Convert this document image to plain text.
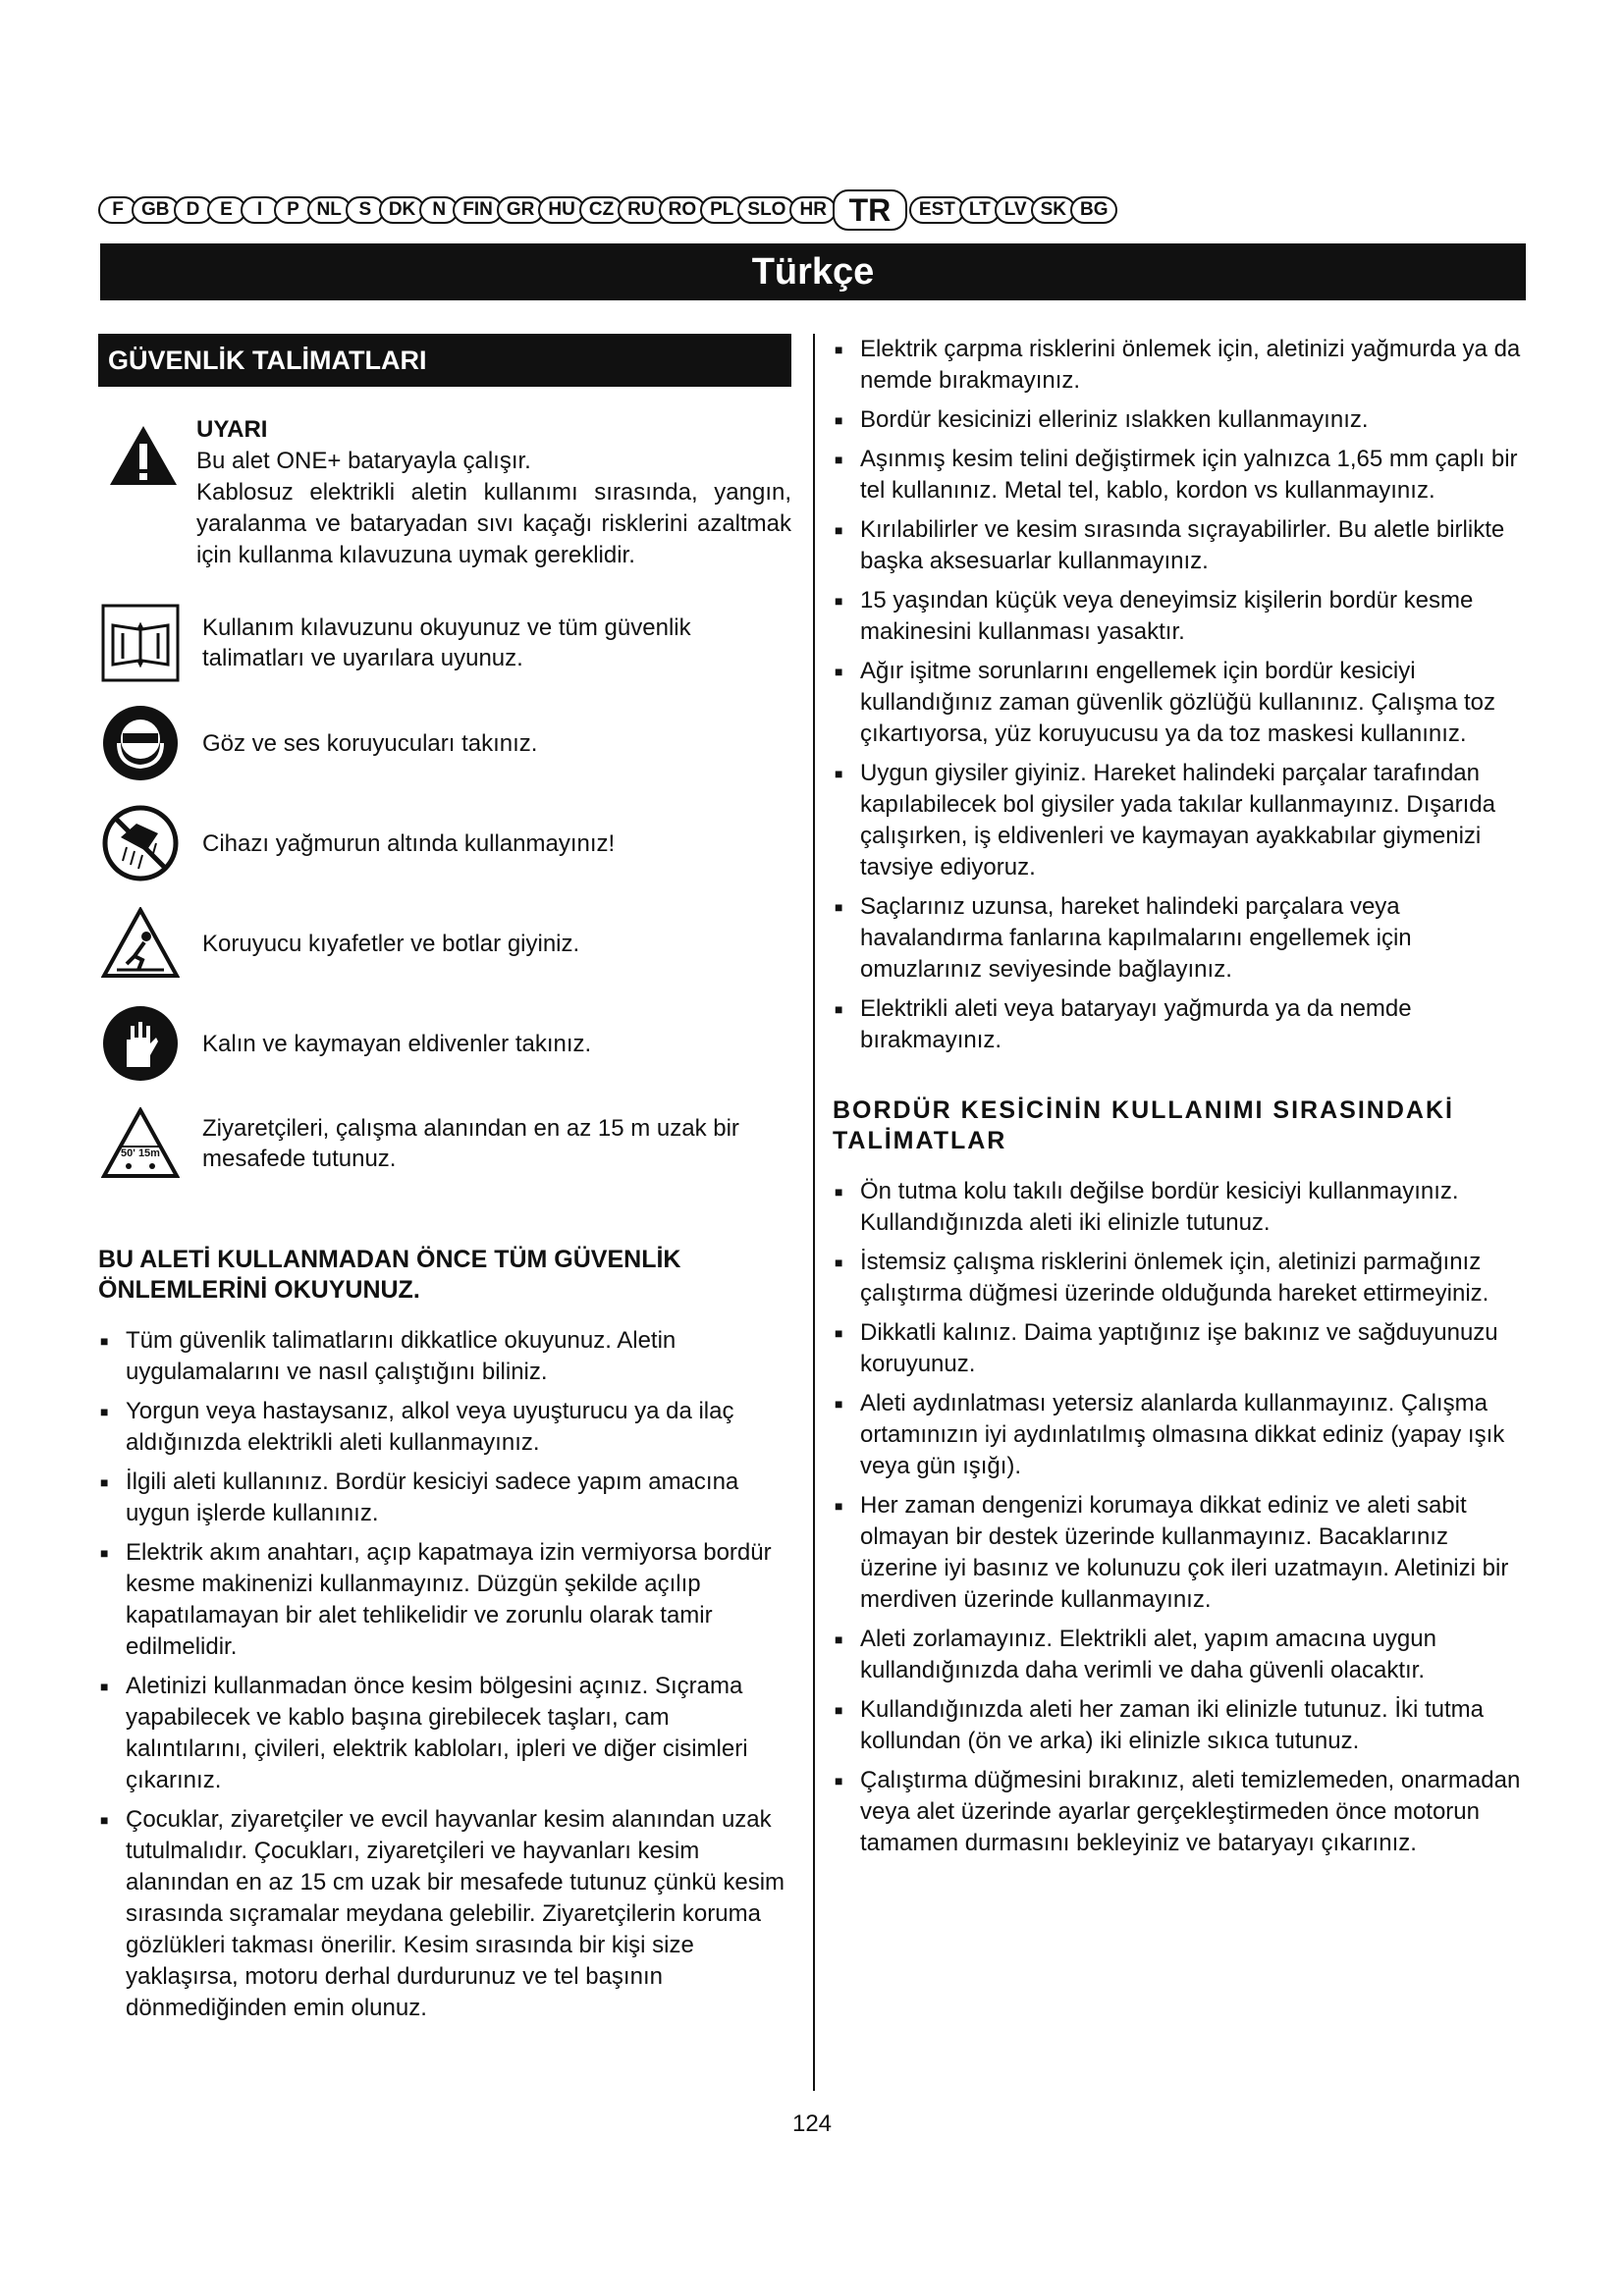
F GB D	E	I	P NL S DK N FIN GR HU CZ RU RO PL SLO HR TR	EST LT LV SK BG
Türkçe
GÜVENLİK TALİMATLARI
UYARI
Bu alet ONE+ bataryayla çalışır.
Kablosuz elektrikli aletin kullanımı sırasında, yangın, yaralanma ve bataryadan sıvı kaçağı risklerini azaltmak için kullanma kılavuzuna uymak gereklidir.
Kullanım kılavuzunu okuyunuz ve tüm güvenlik talimatları ve uyarılara uyunuz.
Göz ve ses koruyucuları takınız.
Cihazı yağmurun altında kullanmayınız!
Koruyucu kıyafetler ve botlar giyiniz.
Kalın ve kaymayan eldivenler takınız.
50' 15m
Ziyaretçileri, çalışma alanından en az 15 m uzak bir mesafede tutunuz.
BU ALETİ KULLANMADAN ÖNCE TÜM GÜVENLİK ÖNLEMLERİNİ OKUYUNUZ.
■ Tüm güvenlik talimatlarını dikkatlice okuyunuz. Aletin uygulamalarını ve nasıl çalıştığını biliniz.
■ Yorgun veya hastaysanız, alkol veya uyuşturucu ya da ilaç aldığınızda elektrikli aleti kullanmayınız.
■ İlgili aleti kullanınız. Bordür kesiciyi sadece yapım amacına uygun işlerde kullanınız.
■ Elektrik akım anahtarı, açıp kapatmaya izin vermiyorsa bordür kesme makinenizi kullanmayınız. Düzgün şekilde açılıp kapatılamayan bir alet tehlikelidir ve zorunlu olarak tamir edilmelidir.
■ Aletinizi kullanmadan önce kesim bölgesini açınız. Sıçrama yapabilecek ve kablo başına girebilecek taşları, cam kalıntılarını, çivileri, elektrik kabloları, ipleri ve diğer cisimleri çıkarınız.
■ Çocuklar, ziyaretçiler ve evcil hayvanlar kesim alanından uzak tutulmalıdır. Çocukları, ziyaretçileri ve hayvanları kesim alanından en az 15 cm uzak bir mesafede tutunuz çünkü kesim sırasında sıçramalar meydana gelebilir. Ziyaretçilerin koruma gözlükleri takması önerilir. Kesim sırasında bir kişi size yaklaşırsa, motoru derhal durdurunuz ve tel başının dönmediğinden emin olunuz.
■ Elektrik çarpma risklerini önlemek için, aletinizi yağmurda ya da nemde bırakmayınız.
■ Bordür kesicinizi elleriniz ıslakken kullanmayınız.
■ Aşınmış kesim telini değiştirmek için yalnızca 1,65 mm çaplı bir tel kullanınız. Metal tel, kablo, kordon vs kullanmayınız.
■ Kırılabilirler ve kesim sırasında sıçrayabilirler. Bu aletle birlikte başka aksesuarlar kullanmayınız.
■ 15 yaşından küçük veya deneyimsiz kişilerin bordür kesme makinesini kullanması yasaktır.
■ Ağır işitme sorunlarını engellemek için bordür kesiciyi kullandığınız zaman güvenlik gözlüğü kullanınız. Çalışma toz çıkartıyorsa, yüz koruyucusu ya da toz maskesi kullanınız.
■ Uygun giysiler giyiniz. Hareket halindeki parçalar tarafından kapılabilecek bol giysiler yada takılar kullanmayınız. Dışarıda çalışırken, iş eldivenleri ve kaymayan ayakkabılar giymenizi tavsiye ediyoruz.
■ Saçlarınız uzunsa, hareket halindeki parçalara veya havalandırma fanlarına kapılmalarını engellemek için omuzlarınız seviyesinde bağlayınız.
■ Elektrikli aleti veya bataryayı yağmurda ya da nemde bırakmayınız.
BORDÜR KESİCİNİN KULLANIMI SIRASINDAKİ TALİMATLAR
■ Ön tutma kolu takılı değilse bordür kesiciyi kullanmayınız. Kullandığınızda aleti iki elinizle tutunuz.
■ İstemsiz çalışma risklerini önlemek için, aletinizi parmağınız çalıştırma düğmesi üzerinde olduğunda hareket ettirmeyiniz.
■ Dikkatli kalınız. Daima yaptığınız işe bakınız ve sağduyunuzu koruyunuz.
■ Aleti aydınlatması yetersiz alanlarda kullanmayınız. Çalışma ortamınızın iyi aydınlatılmış olmasına dikkat ediniz (yapay ışık veya gün ışığı).
■ Her zaman dengenizi korumaya dikkat ediniz ve aleti sabit olmayan bir destek üzerinde kullanmayınız. Bacaklarınız üzerine iyi basınız ve kolunuzu çok ileri uzatmayın. Aletinizi bir merdiven üzerinde kullanmayınız.
■ Aleti zorlamayınız. Elektrikli alet, yapım amacına uygun kullandığınızda daha verimli ve daha güvenli olacaktır.
■ Kullandığınızda aleti her zaman iki elinizle tutunuz. İki tutma kollundan (ön ve arka) iki elinizle sıkıca tutunuz.
■ Çalıştırma düğmesini bırakınız, aleti temizlemeden, onarmadan veya alet üzerinde ayarlar gerçekleştirmeden önce motorun tamamen durmasını bekleyiniz ve bataryayı çıkarınız.
124
